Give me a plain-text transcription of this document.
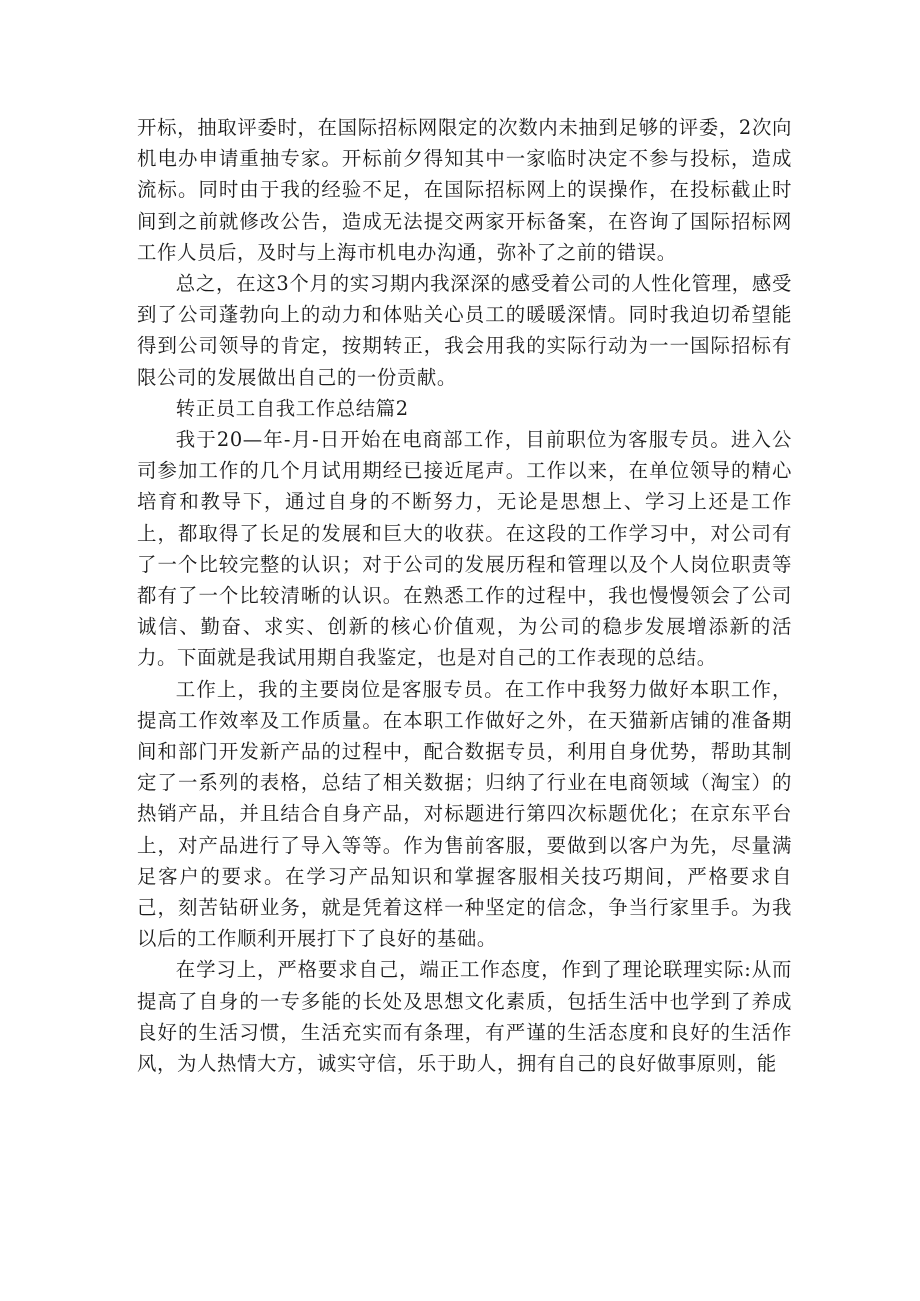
开标，抽取评委时，在国际招标网限定的次数内未抽到足够的评委，2次向机电办申请重抽专家。开标前夕得知其中一家临时决定不参与投标，造成流标。同时由于我的经验不足，在国际招标网上的误操作，在投标截止时间到之前就修改公告，造成无法提交两家开标备案，在咨询了国际招标网工作人员后，及时与上海市机电办沟通，弥补了之前的错误。

总之，在这3个月的实习期内我深深的感受着公司的人性化管理，感受到了公司蓬勃向上的动力和体贴关心员工的暖暖深情。同时我迫切希望能得到公司领导的肯定，按期转正，我会用我的实际行动为一一国际招标有限公司的发展做出自己的一份贡献。

转正员工自我工作总结篇2

我于20—年-月-日开始在电商部工作，目前职位为客服专员。进入公司参加工作的几个月试用期经已接近尾声。工作以来，在单位领导的精心培育和教导下，通过自身的不断努力，无论是思想上、学习上还是工作上，都取得了长足的发展和巨大的收获。在这段的工作学习中，对公司有了一个比较完整的认识；对于公司的发展历程和管理以及个人岗位职责等都有了一个比较清晰的认识。在熟悉工作的过程中，我也慢慢领会了公司诚信、勤奋、求实、创新的核心价值观，为公司的稳步发展增添新的活力。下面就是我试用期自我鉴定，也是对自己的工作表现的总结。

工作上，我的主要岗位是客服专员。在工作中我努力做好本职工作，提高工作效率及工作质量。在本职工作做好之外，在天猫新店铺的准备期间和部门开发新产品的过程中，配合数据专员，利用自身优势，帮助其制定了一系列的表格，总结了相关数据；归纳了行业在电商领域（淘宝）的热销产品，并且结合自身产品，对标题进行第四次标题优化；在京东平台上，对产品进行了导入等等。作为售前客服，要做到以客户为先，尽量满足客户的要求。在学习产品知识和掌握客服相关技巧期间，严格要求自己，刻苦钻研业务，就是凭着这样一种坚定的信念，争当行家里手。为我以后的工作顺利开展打下了良好的基础。

在学习上，严格要求自己，端正工作态度，作到了理论联理实际:从而提高了自身的一专多能的长处及思想文化素质，包括生活中也学到了养成良好的生活习惯，生活充实而有条理，有严谨的生活态度和良好的生活作风，为人热情大方，诚实守信，乐于助人，拥有自己的良好做事原则，能
